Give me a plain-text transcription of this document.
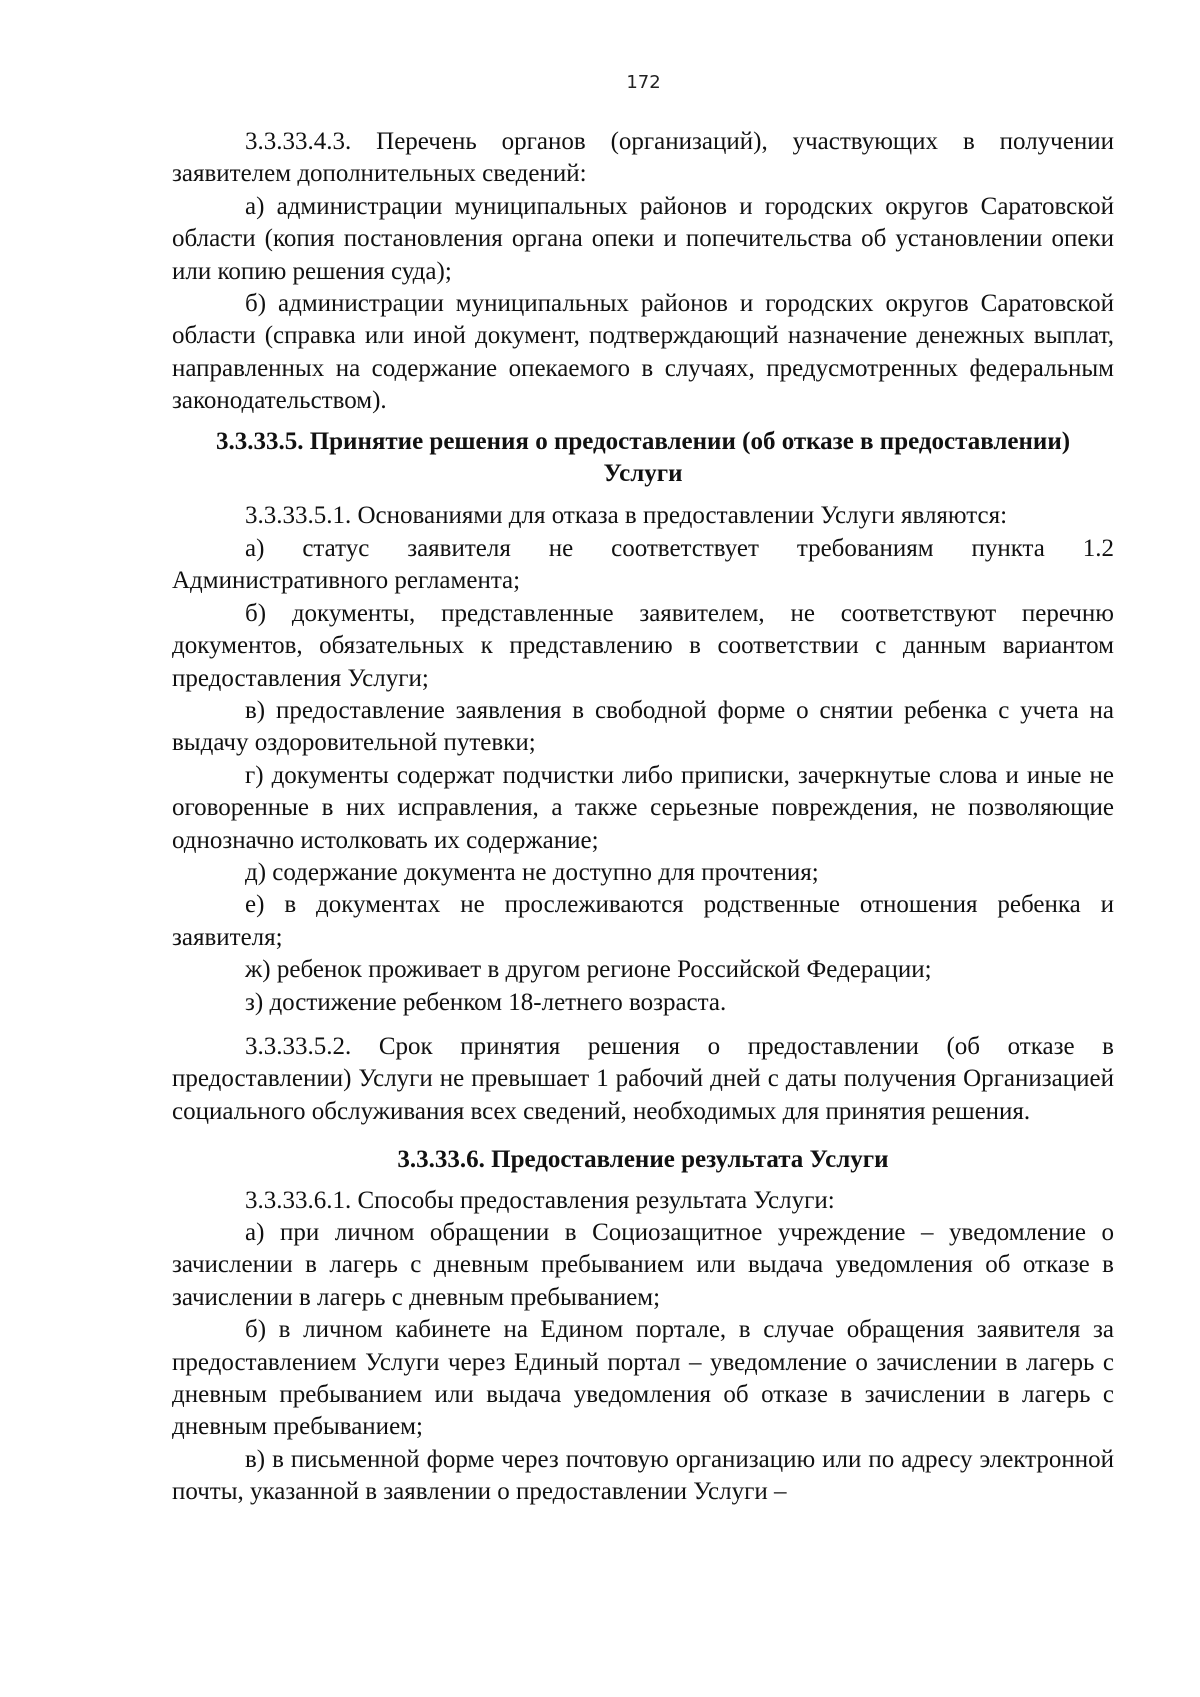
172

3.3.33.4.3. Перечень органов (организаций), участвующих в получении заявителем дополнительных сведений:

а) администрации муниципальных районов и городских округов Саратовской области (копия постановления органа опеки и попечительства об установлении опеки или копию решения суда);

б) администрации муниципальных районов и городских округов Саратовской области (справка или иной документ, подтверждающий назначение денежных выплат, направленных на содержание опекаемого в случаях, предусмотренных федеральным законодательством).

3.3.33.5. Принятие решения о предоставлении (об отказе в предоставлении) Услуги

3.3.33.5.1. Основаниями для отказа в предоставлении Услуги являются:

а) статус заявителя не соответствует требованиям пункта 1.2 Административного регламента;

б) документы, представленные заявителем, не соответствуют перечню документов, обязательных к представлению в соответствии с данным вариантом предоставления Услуги;

в) предоставление заявления в свободной форме о снятии ребенка с учета на выдачу оздоровительной путевки;

г) документы содержат подчистки либо приписки, зачеркнутые слова и иные не оговоренные в них исправления, а также серьезные повреждения, не позволяющие однозначно истолковать их содержание;

д) содержание документа не доступно для прочтения;

е) в документах не прослеживаются родственные отношения ребенка и заявителя;

ж) ребенок проживает в другом регионе Российской Федерации;

з) достижение ребенком 18-летнего возраста.

3.3.33.5.2. Срок принятия решения о предоставлении (об отказе в предоставлении) Услуги не превышает 1 рабочий дней с даты получения Организацией социального обслуживания всех сведений, необходимых для принятия решения.

3.3.33.6. Предоставление результата Услуги

3.3.33.6.1. Способы предоставления результата Услуги:

а) при личном обращении в Социозащитное учреждение – уведомление о зачислении в лагерь с дневным пребыванием или выдача уведомления об отказе в зачислении в лагерь с дневным пребыванием;

б) в личном кабинете на Едином портале, в случае обращения заявителя за предоставлением Услуги через Единый портал – уведомление о зачислении в лагерь с дневным пребыванием или выдача уведомления об отказе в зачислении в лагерь с дневным пребыванием;

в) в письменной форме через почтовую организацию или по адресу электронной почты, указанной в заявлении о предоставлении Услуги –
